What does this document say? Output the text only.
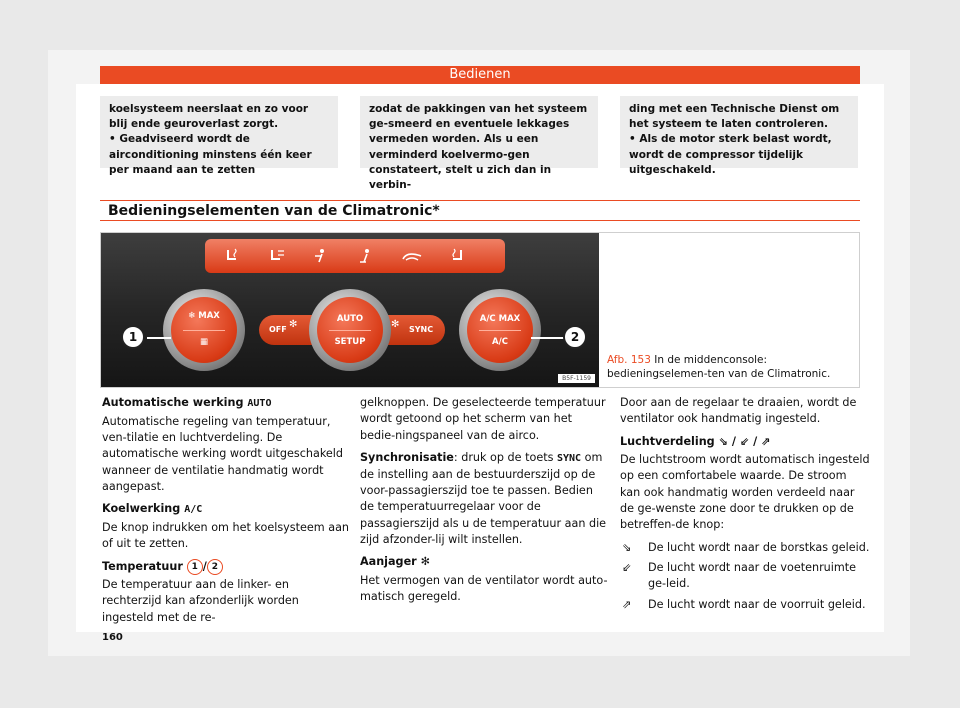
Bedienen

koelsysteem neerslaat en zo voor blij ende geuroverlast zorgt.

• Geadviseerd wordt de airconditioning minstens één keer per maand aan te zetten

zodat de pakkingen van het systeem ge-smeerd en eventuele lekkages vermeden worden. Als u een verminderd koelvermo-gen constateert, stelt u zich dan in verbin-

ding met een Technische Dienst om het systeem te laten controleren.

• Als de motor sterk belast wordt, wordt de compressor tijdelijk uitgeschakeld.

Bedieningselementen van de Climatronic*
❄ MAX
▦
OFF ✻	✻ SYNC
AUTO
SETUP
A/C MAX
A/C
1	2
B5F-1159
Afb. 153 In de middenconsole: bedieningselemen-ten van de Climatronic.
Automatische werking AUTO

Automatische regeling van temperatuur, ven-tilatie en luchtverdeling. De automatische werking wordt uitgeschakeld wanneer de ventilatie handmatig wordt aangepast.

Koelwerking A/C

De knop indrukken om het koelsysteem aan of uit te zetten.

Temperatuur 1 / 2

De temperatuur aan de linker- en rechterzijd kan afzonderlijk worden ingesteld met de re-

gelknoppen. De geselecteerde temperatuur wordt getoond op het scherm van het bedie-ningspaneel van de airco.

Synchronisatie: druk op de toets SYNC om de instelling aan de bestuurderszijd op de voor-passagierszijd toe te passen. Bedien de temperatuurregelaar voor de passagierszijd als u de temperatuur aan die zijd afzonder-lij wilt instellen.

Aanjager ✻

Het vermogen van de ventilator wordt auto-matisch geregeld.

Door aan de regelaar te draaien, wordt de ventilator ook handmatig ingesteld.

Luchtverdeling ⇘ / ⇙ / ⇗

De luchtstroom wordt automatisch ingesteld op een comfortabele waarde. De stroom kan ook handmatig worden verdeeld naar de ge-wenste zone door te drukken op de betreffen-de knop:

⇘	De lucht wordt naar de borstkas geleid.
⇙	De lucht wordt naar de voetenruimte ge-leid.
⇗	De lucht wordt naar de voorruit geleid.
160
